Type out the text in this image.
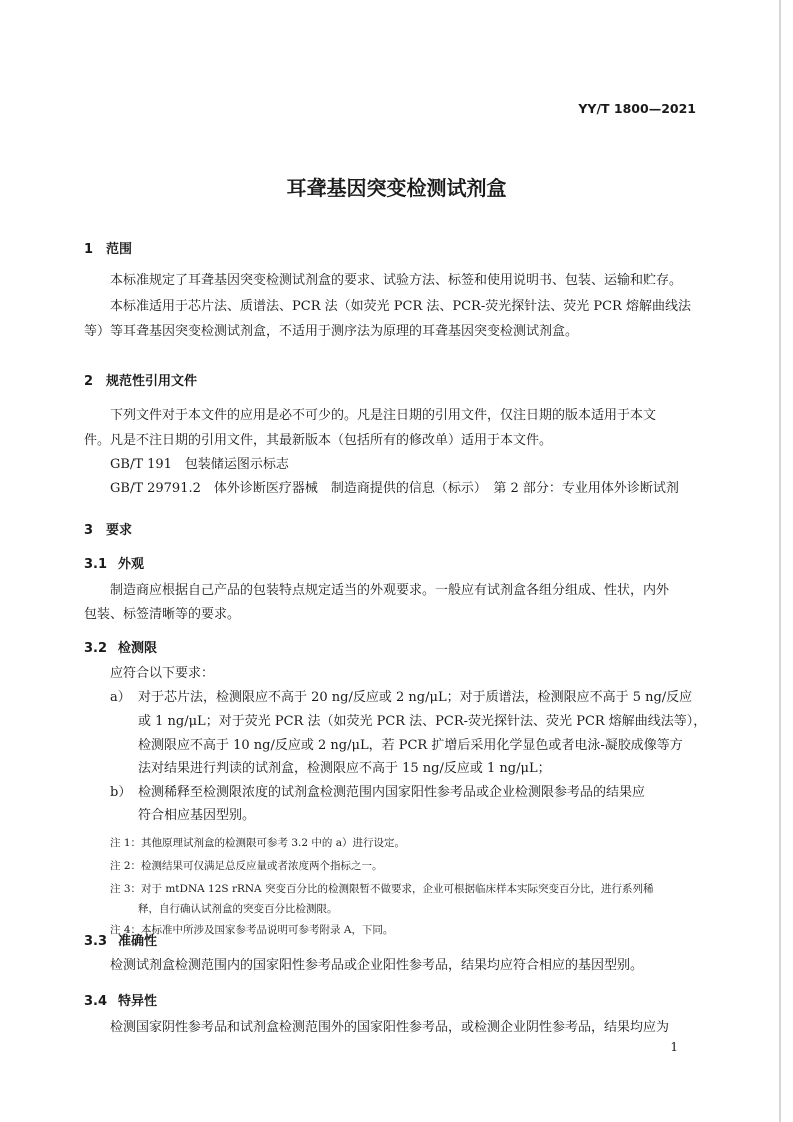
YY/T 1800—2021
耳聋基因突变检测试剂盒
1 范围
本标准规定了耳聋基因突变检测试剂盒的要求、试验方法、标签和使用说明书、包装、运输和贮存。
本标准适用于芯片法、质谱法、PCR 法（如荧光 PCR 法、PCR-荧光探针法、荧光 PCR 熔解曲线法
等）等耳聋基因突变检测试剂盒，不适用于测序法为原理的耳聋基因突变检测试剂盒。
2 规范性引用文件
下列文件对于本文件的应用是必不可少的。凡是注日期的引用文件，仅注日期的版本适用于本文
件。凡是不注日期的引用文件，其最新版本（包括所有的修改单）适用于本文件。
GB/T 191　包装储运图示标志
GB/T 29791.2　体外诊断医疗器械　制造商提供的信息（标示）　第 2 部分：专业用体外诊断试剂
3 要求
3.1 外观
制造商应根据自己产品的包装特点规定适当的外观要求。一般应有试剂盒各组分组成、性状，内外
包装、标签清晰等的要求。
3.2 检测限
应符合以下要求：
a） 对于芯片法，检测限应不高于 20 ng/反应或 2 ng/μL；对于质谱法，检测限应不高于 5 ng/反应
或 1 ng/μL；对于荧光 PCR 法（如荧光 PCR 法、PCR-荧光探针法、荧光 PCR 熔解曲线法等），
检测限应不高于 10 ng/反应或 2 ng/μL，若 PCR 扩增后采用化学显色或者电泳-凝胶成像等方
法对结果进行判读的试剂盒，检测限应不高于 15 ng/反应或 1 ng/μL；
b） 检测稀释至检测限浓度的试剂盒检测范围内国家阳性参考品或企业检测限参考品的结果应
符合相应基因型别。
注 1：其他原理试剂盒的检测限可参考 3.2 中的 a）进行设定。
注 2：检测结果可仅满足总反应量或者浓度两个指标之一。
注 3：对于 mtDNA 12S rRNA 突变百分比的检测限暂不做要求，企业可根据临床样本实际突变百分比，进行系列稀
释，自行确认试剂盒的突变百分比检测限。
注 4：本标准中所涉及国家参考品说明可参考附录 A，下同。
3.3 准确性
检测试剂盒检测范围内的国家阳性参考品或企业阳性参考品，结果均应符合相应的基因型别。
3.4 特异性
检测国家阴性参考品和试剂盒检测范围外的国家阳性参考品，或检测企业阴性参考品，结果均应为
1
